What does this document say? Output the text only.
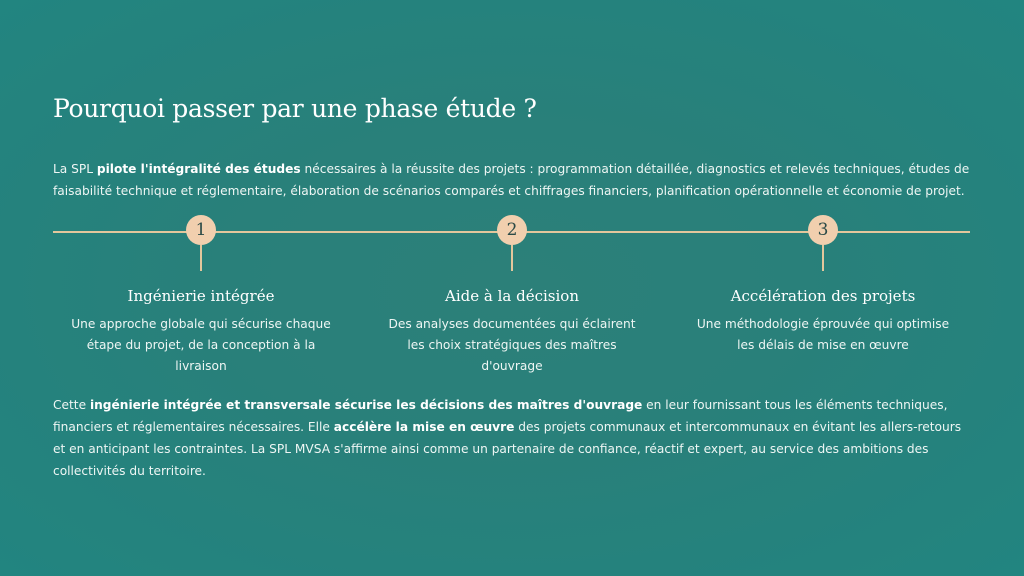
Pourquoi passer par une phase étude ?

La SPL pilote l'intégralité des études nécessaires à la réussite des projets : programmation détaillée, diagnostics et relevés techniques, études de faisabilité technique et réglementaire, élaboration de scénarios comparés et chiffrages financiers, planification opérationnelle et économie de projet.

1
Ingénierie intégrée
Une approche globale qui sécurise chaque étape du projet, de la conception à la livraison
2
Aide à la décision
Des analyses documentées qui éclairent les choix stratégiques des maîtres d'ouvrage
3
Accélération des projets
Une méthodologie éprouvée qui optimise les délais de mise en œuvre

Cette ingénierie intégrée et transversale sécurise les décisions des maîtres d'ouvrage en leur fournissant tous les éléments techniques, financiers et réglementaires nécessaires. Elle accélère la mise en œuvre des projets communaux et intercommunaux en évitant les allers-retours et en anticipant les contraintes. La SPL MVSA s'affirme ainsi comme un partenaire de confiance, réactif et expert, au service des ambitions des collectivités du territoire.
